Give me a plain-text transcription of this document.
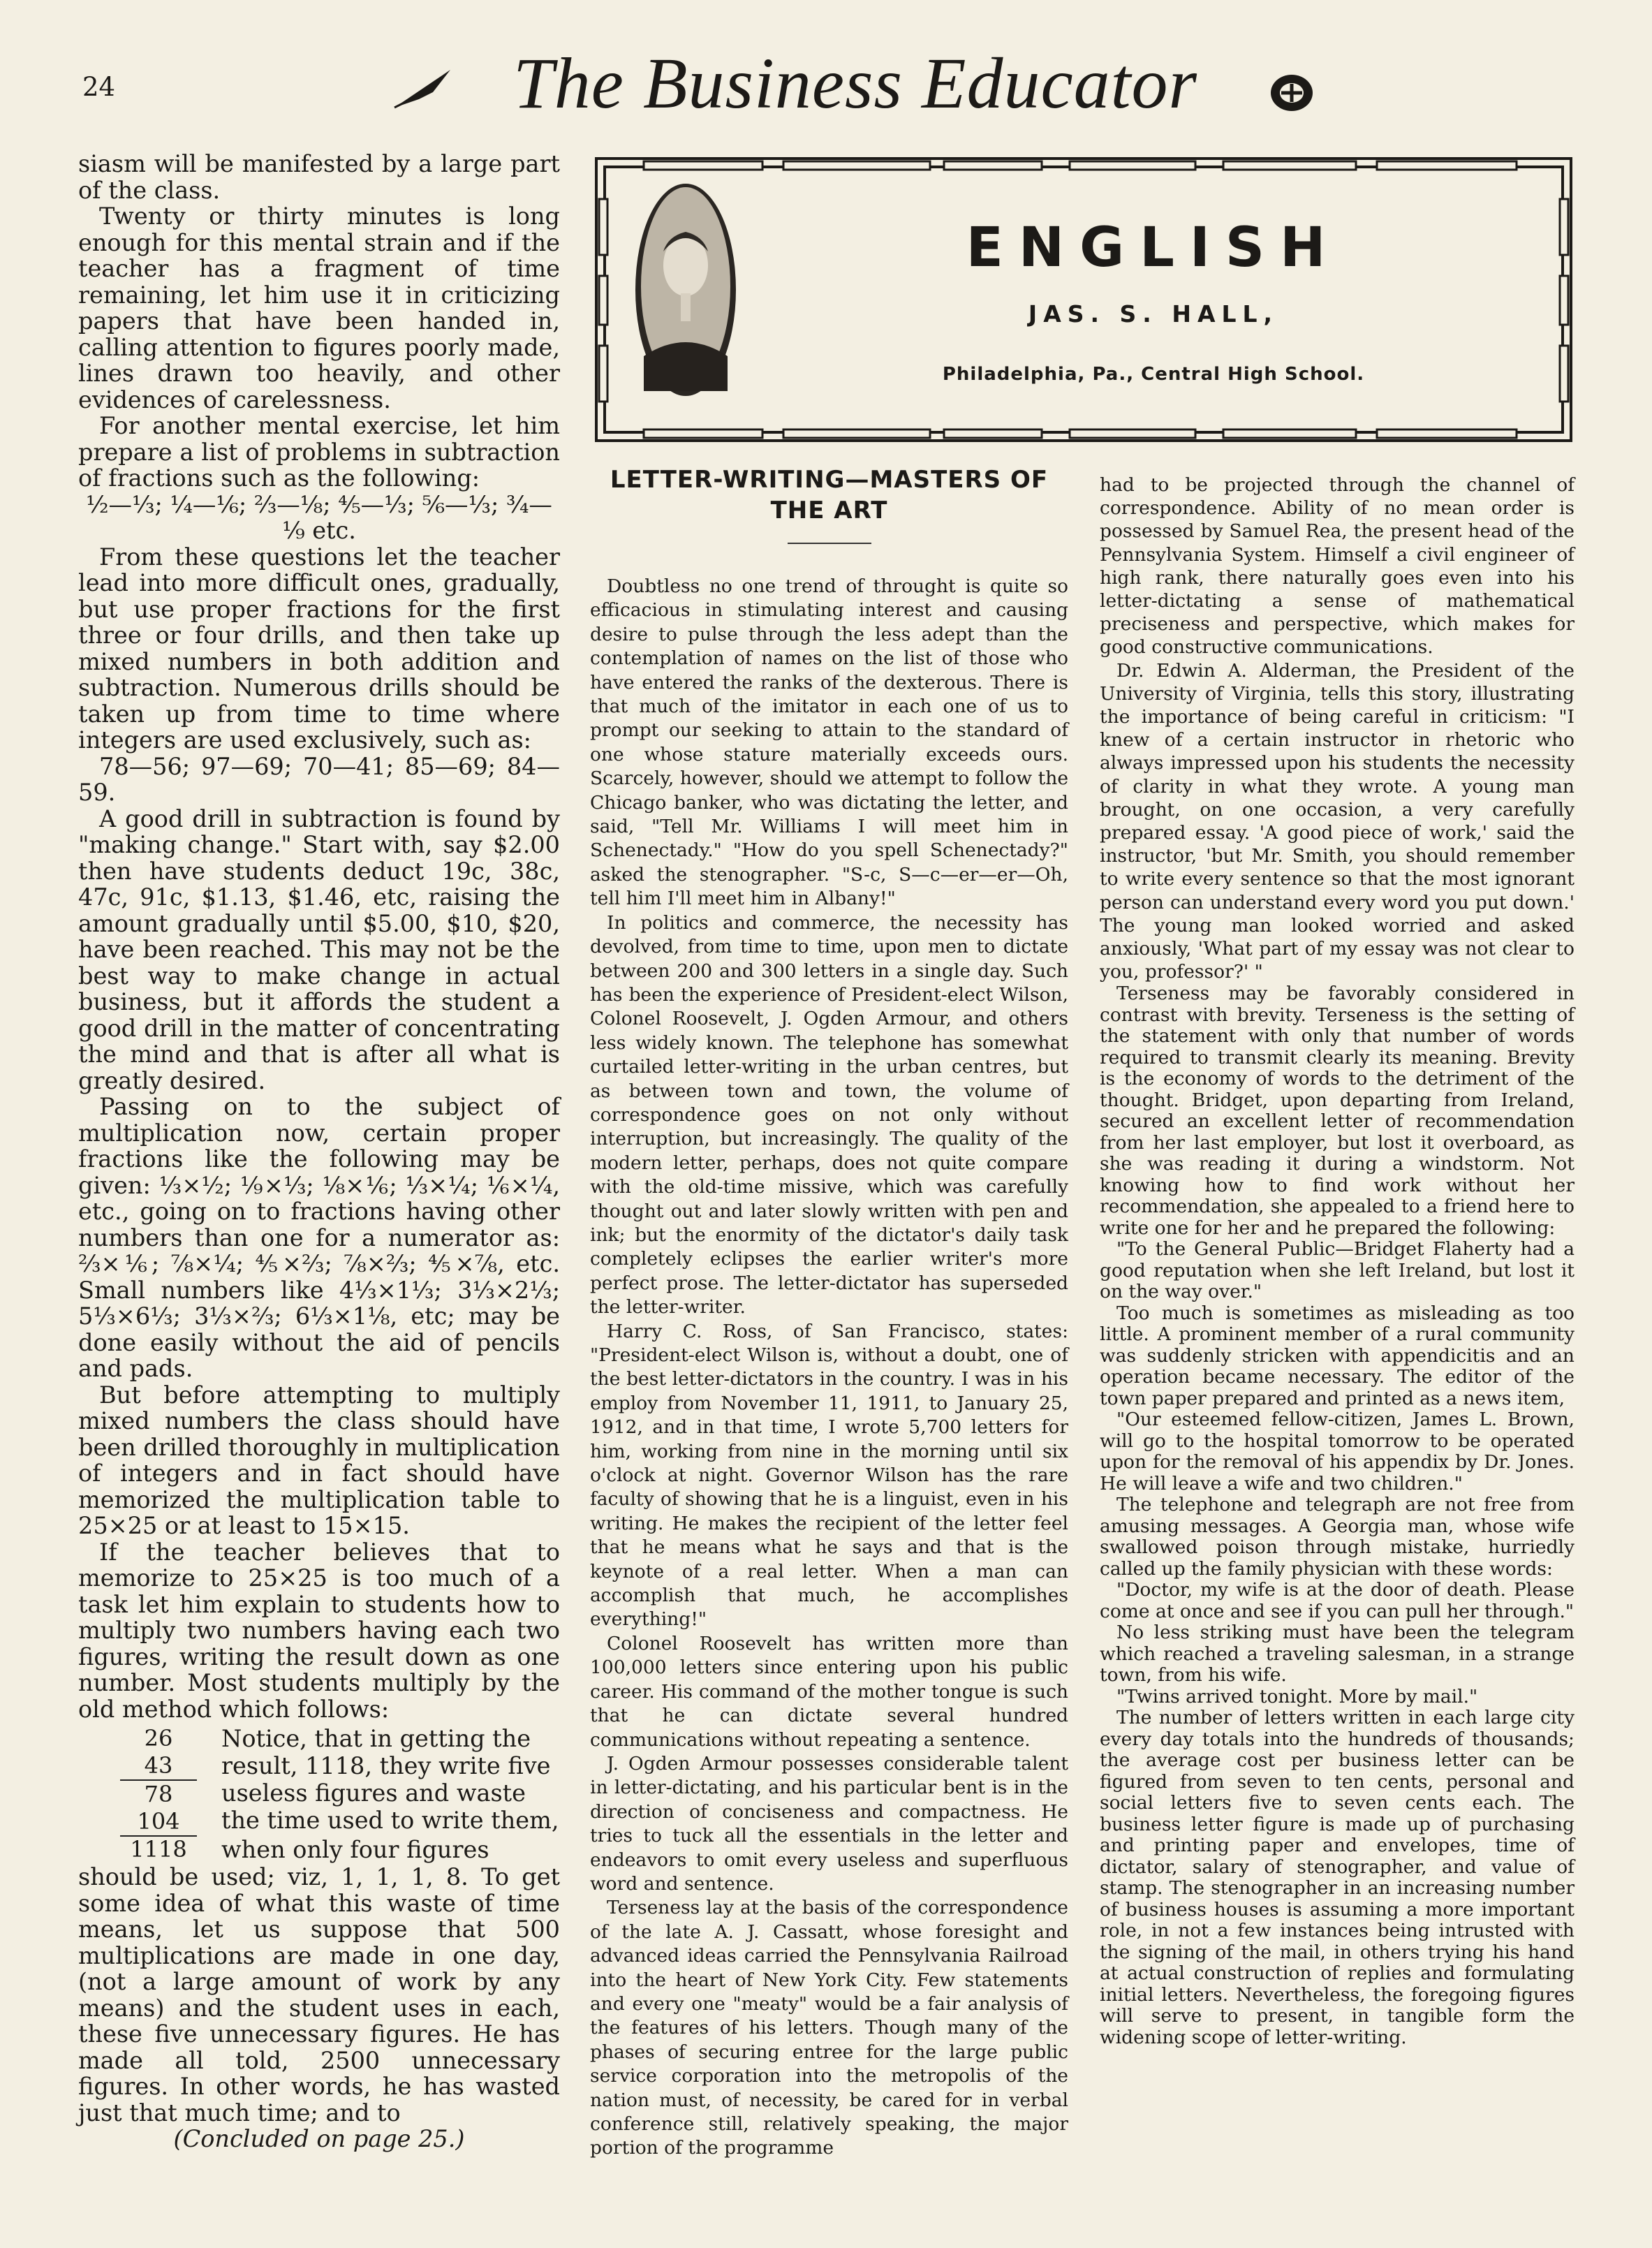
24	The Business Educator

siasm will be manifested by a large part of the class.

Twenty or thirty minutes is long enough for this mental strain and if the teacher has a fragment of time remaining, let him use it in criticizing papers that have been handed in, calling attention to figures poorly made, lines drawn too heavily, and other evidences of carelessness.

For another mental exercise, let him prepare a list of problems in subtraction of fractions such as the following:

½—⅓; ¼—⅙; ⅔—⅛; ⅘—⅓; ⅚—⅓; ¾—⅑ etc.

From these questions let the teacher lead into more difficult ones, gradually, but use proper fractions for the first three or four drills, and then take up mixed numbers in both addition and subtraction. Numerous drills should be taken up from time to time where integers are used exclusively, such as:

78—56; 97—69; 70—41; 85—69; 84—59.

A good drill in subtraction is found by "making change." Start with, say $2.00 then have students deduct 19c, 38c, 47c, 91c, $1.13, $1.46, etc, raising the amount gradually until $5.00, $10, $20, have been reached. This may not be the best way to make change in actual business, but it affords the student a good drill in the matter of concentrating the mind and that is after all what is greatly desired.

Passing on to the subject of multiplication now, certain proper fractions like the following may be given: ⅓×½; ⅑×⅓; ⅛×⅙; ⅓×¼; ⅙×¼, etc., going on to fractions having other numbers than one for a numerator as: ⅔×⅙; ⅞×¼; ⅘×⅔; ⅞×⅔; ⅘×⅞, etc. Small numbers like 4⅓×1⅓; 3⅓×2⅓; 5⅓×6⅓; 3⅓×⅔; 6⅓×1⅛, etc; may be done easily without the aid of pencils and pads.

But before attempting to multiply mixed numbers the class should have been drilled thoroughly in multiplication of integers and in fact should have memorized the multiplication table to 25×25 or at least to 15×15.

If the teacher believes that to memorize to 25×25 is too much of a task let him explain to students how to multiply two numbers having each two figures, writing the result down as one number. Most students multiply by the old method which follows:

26
43
78
104
Notice, that in getting the
result, 1118, they write five
useless figures and waste
the time used to write them,
1118	when only four figures

should be used; viz, 1, 1, 1, 8. To get some idea of what this waste of time means, let us suppose that 500 multiplications are made in one day, (not a large amount of work by any means) and the student uses in each, these five unnecessary figures. He has made all told, 2500 unnecessary figures. In other words, he has wasted just that much time; and to

(Concluded on page 25.)

ENGLISH
JAS. S. HALL,
Philadelphia, Pa., Central High School.
LETTER-WRITING—MASTERS OF THE ART

Doubtless no one trend of throught is quite so efficacious in stimulating interest and causing desire to pulse through the less adept than the contemplation of names on the list of those who have entered the ranks of the dexterous. There is that much of the imitator in each one of us to prompt our seeking to attain to the standard of one whose stature materially exceeds ours. Scarcely, however, should we attempt to follow the Chicago banker, who was dictating the letter, and said, "Tell Mr. Williams I will meet him in Schenectady." "How do you spell Schenectady?" asked the stenographer. "S-c, S—c—er—er—Oh, tell him I'll meet him in Albany!"

In politics and commerce, the necessity has devolved, from time to time, upon men to dictate between 200 and 300 letters in a single day. Such has been the experience of President-elect Wilson, Colonel Roosevelt, J. Ogden Armour, and others less widely known. The telephone has somewhat curtailed letter-writing in the urban centres, but as between town and town, the volume of correspondence goes on not only without interruption, but increasingly. The quality of the modern letter, perhaps, does not quite compare with the old-time missive, which was carefully thought out and later slowly written with pen and ink; but the enormity of the dictator's daily task completely eclipses the earlier writer's more perfect prose. The letter-dictator has superseded the letter-writer.

Harry C. Ross, of San Francisco, states: "President-elect Wilson is, without a doubt, one of the best letter-dictators in the country. I was in his employ from November 11, 1911, to January 25, 1912, and in that time, I wrote 5,700 letters for him, working from nine in the morning until six o'clock at night. Governor Wilson has the rare faculty of showing that he is a linguist, even in his writing. He makes the recipient of the letter feel that he means what he says and that is the keynote of a real letter. When a man can accomplish that much, he accomplishes everything!"

Colonel Roosevelt has written more than 100,000 letters since entering upon his public career. His command of the mother tongue is such that he can dictate several hundred communications without repeating a sentence.

J. Ogden Armour possesses considerable talent in letter-dictating, and his particular bent is in the direction of conciseness and compactness. He tries to tuck all the essentials in the letter and endeavors to omit every useless and superfluous word and sentence.

Terseness lay at the basis of the correspondence of the late A. J. Cassatt, whose foresight and advanced ideas carried the Pennsylvania Railroad into the heart of New York City. Few statements and every one "meaty" would be a fair analysis of the features of his letters. Though many of the phases of securing entree for the large public service corporation into the metropolis of the nation must, of necessity, be cared for in verbal conference still, relatively speaking, the major portion of the programme

had to be projected through the channel of correspondence. Ability of no mean order is possessed by Samuel Rea, the present head of the Pennsylvania System. Himself a civil engineer of high rank, there naturally goes even into his letter-dictating a sense of mathematical preciseness and perspective, which makes for good constructive communications.

Dr. Edwin A. Alderman, the President of the University of Virginia, tells this story, illustrating the importance of being careful in criticism: "I knew of a certain instructor in rhetoric who always impressed upon his students the necessity of clarity in what they wrote. A young man brought, on one occasion, a very carefully prepared essay. 'A good piece of work,' said the instructor, 'but Mr. Smith, you should remember to write every sentence so that the most ignorant person can understand every word you put down.' The young man looked worried and asked anxiously, 'What part of my essay was not clear to you, professor?' "

Terseness may be favorably considered in contrast with brevity. Terseness is the setting of the statement with only that number of words required to transmit clearly its meaning. Brevity is the economy of words to the detriment of the thought. Bridget, upon departing from Ireland, secured an excellent letter of recommendation from her last employer, but lost it overboard, as she was reading it during a windstorm. Not knowing how to find work without her recommendation, she appealed to a friend here to write one for her and he prepared the following:

"To the General Public—Bridget Flaherty had a good reputation when she left Ireland, but lost it on the way over."

Too much is sometimes as misleading as too little. A prominent member of a rural community was suddenly stricken with appendicitis and an operation became necessary. The editor of the town paper prepared and printed as a news item,

"Our esteemed fellow-citizen, James L. Brown, will go to the hospital tomorrow to be operated upon for the removal of his appendix by Dr. Jones. He will leave a wife and two children."

The telephone and telegraph are not free from amusing messages. A Georgia man, whose wife swallowed poison through mistake, hurriedly called up the family physician with these words:

"Doctor, my wife is at the door of death. Please come at once and see if you can pull her through."

No less striking must have been the telegram which reached a traveling salesman, in a strange town, from his wife.

"Twins arrived tonight. More by mail."

The number of letters written in each large city every day totals into the hundreds of thousands; the average cost per business letter can be figured from seven to ten cents, personal and social letters five to seven cents each. The business letter figure is made up of purchasing and printing paper and envelopes, time of dictator, salary of stenographer, and value of stamp. The stenographer in an increasing number of business houses is assuming a more important role, in not a few instances being intrusted with the signing of the mail, in others trying his hand at actual construction of replies and formulating initial letters. Nevertheless, the foregoing figures will serve to present, in tangible form the widening scope of letter-writing.
